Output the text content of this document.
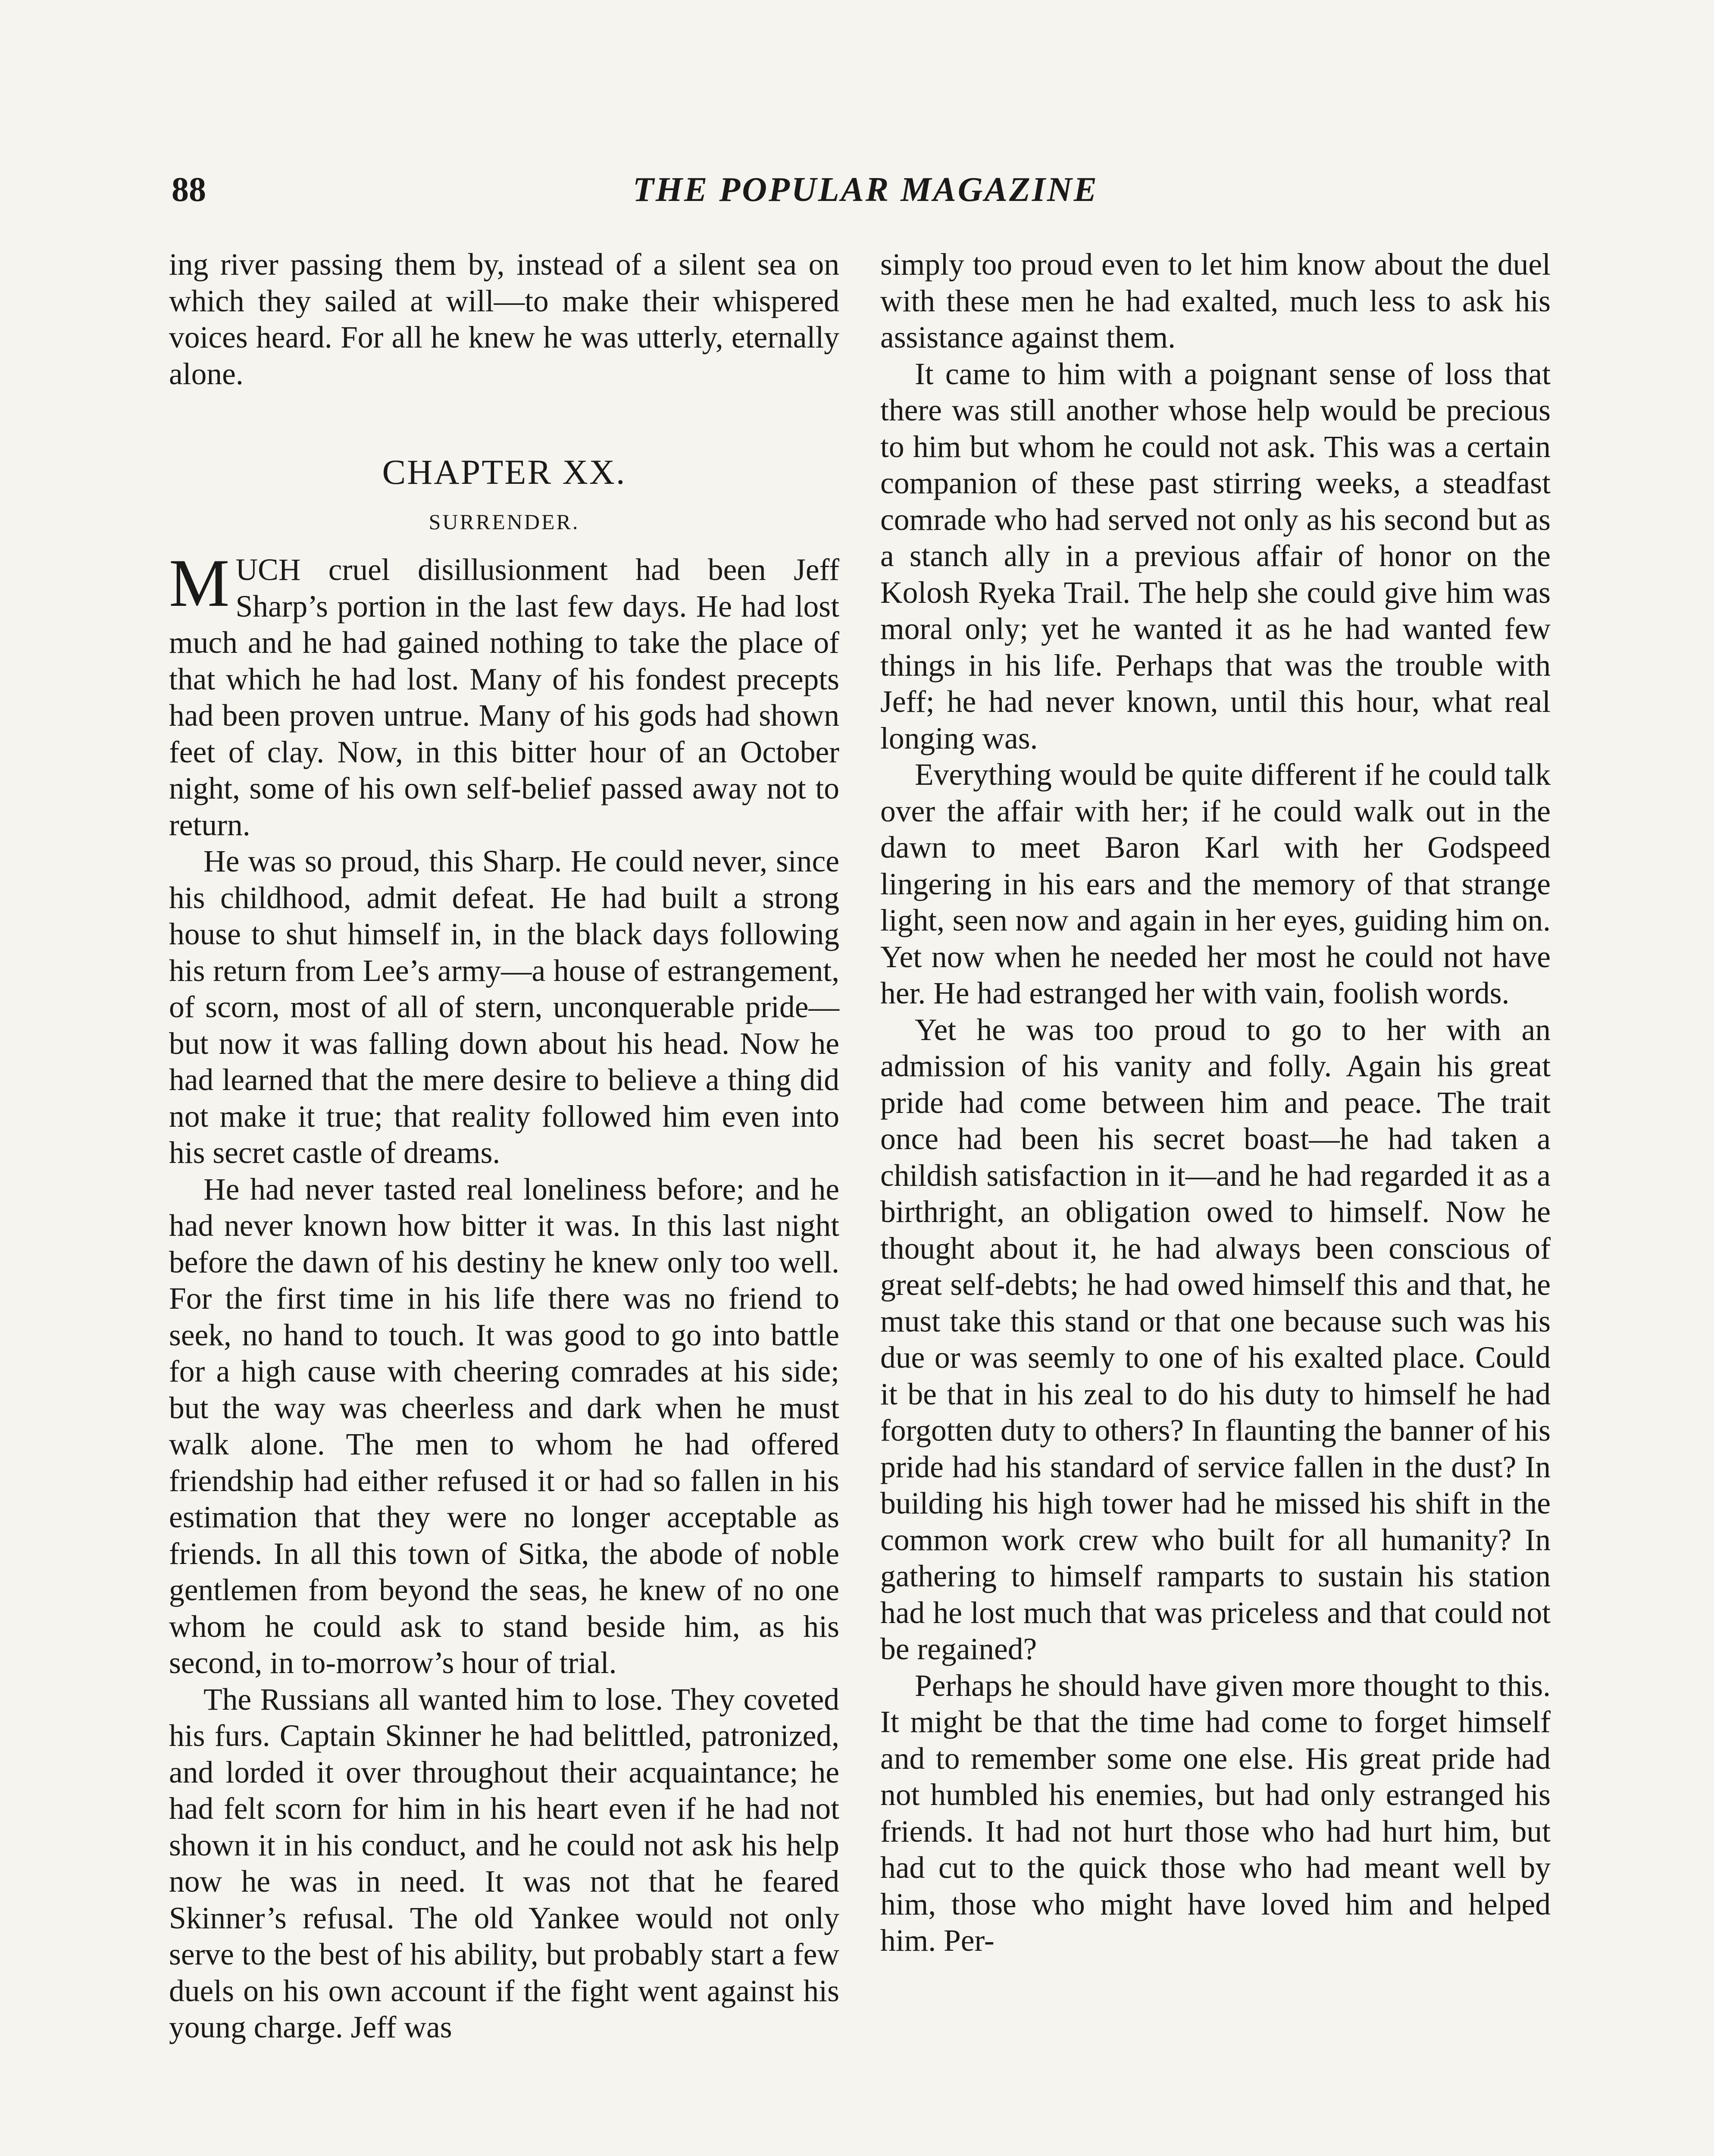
88	THE POPULAR MAGAZINE

ing river passing them by, instead of a silent sea on which they sailed at will—to make their whispered voices heard. For all he knew he was utterly, eternally alone.

CHAPTER XX.
SURRENDER.

MUCH cruel disillusionment had been Jeff Sharp’s portion in the last few days. He had lost much and he had gained nothing to take the place of that which he had lost. Many of his fondest precepts had been proven untrue. Many of his gods had shown feet of clay. Now, in this bitter hour of an October night, some of his own self-belief passed away not to return.

He was so proud, this Sharp. He could never, since his childhood, admit defeat. He had built a strong house to shut himself in, in the black days following his return from Lee’s army—a house of estrangement, of scorn, most of all of stern, unconquerable pride—but now it was falling down about his head. Now he had learned that the mere desire to believe a thing did not make it true; that reality followed him even into his secret castle of dreams.

He had never tasted real loneliness before; and he had never known how bitter it was. In this last night before the dawn of his destiny he knew only too well. For the first time in his life there was no friend to seek, no hand to touch. It was good to go into battle for a high cause with cheering comrades at his side; but the way was cheerless and dark when he must walk alone. The men to whom he had offered friendship had either refused it or had so fallen in his estimation that they were no longer acceptable as friends. In all this town of Sitka, the abode of noble gentlemen from beyond the seas, he knew of no one whom he could ask to stand beside him, as his second, in to-morrow’s hour of trial.

The Russians all wanted him to lose. They coveted his furs. Captain Skinner he had belittled, patronized, and lorded it over throughout their acquaintance; he had felt scorn for him in his heart even if he had not shown it in his conduct, and he could not ask his help now he was in need. It was not that he feared Skinner’s refusal. The old Yankee would not only serve to the best of his ability, but probably start a few duels on his own account if the fight went against his young charge. Jeff was

simply too proud even to let him know about the duel with these men he had exalted, much less to ask his assistance against them.

It came to him with a poignant sense of loss that there was still another whose help would be precious to him but whom he could not ask. This was a certain companion of these past stirring weeks, a steadfast comrade who had served not only as his second but as a stanch ally in a previous affair of honor on the Kolosh Ryeka Trail. The help she could give him was moral only; yet he wanted it as he had wanted few things in his life. Perhaps that was the trouble with Jeff; he had never known, until this hour, what real longing was.

Everything would be quite different if he could talk over the affair with her; if he could walk out in the dawn to meet Baron Karl with her Godspeed lingering in his ears and the memory of that strange light, seen now and again in her eyes, guiding him on. Yet now when he needed her most he could not have her. He had estranged her with vain, foolish words.

Yet he was too proud to go to her with an admission of his vanity and folly. Again his great pride had come between him and peace. The trait once had been his secret boast—he had taken a childish satisfaction in it—and he had regarded it as a birthright, an obligation owed to himself. Now he thought about it, he had always been conscious of great self-debts; he had owed himself this and that, he must take this stand or that one because such was his due or was seemly to one of his exalted place. Could it be that in his zeal to do his duty to himself he had forgotten duty to others? In flaunting the banner of his pride had his standard of service fallen in the dust? In building his high tower had he missed his shift in the common work crew who built for all humanity? In gathering to himself ramparts to sustain his station had he lost much that was priceless and that could not be regained?

Perhaps he should have given more thought to this. It might be that the time had come to forget himself and to remember some one else. His great pride had not humbled his enemies, but had only estranged his friends. It had not hurt those who had hurt him, but had cut to the quick those who had meant well by him, those who might have loved him and helped him. Per-
